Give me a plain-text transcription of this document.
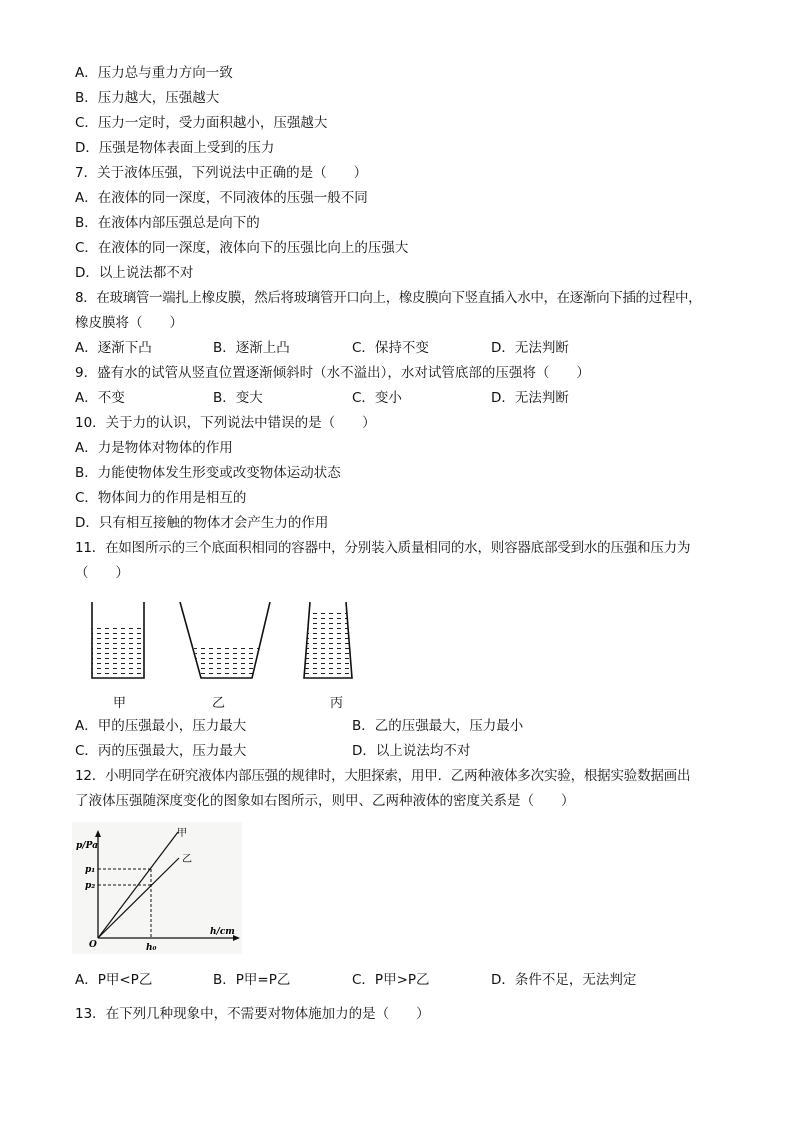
A．压力总与重力方向一致
B．压力越大，压强越大
C．压力一定时，受力面积越小，压强越大
D．压强是物体表面上受到的压力
7．关于液体压强，下列说法中正确的是（　　）
A．在液体的同一深度，不同液体的压强一般不同
B．在液体内部压强总是向下的
C．在液体的同一深度，液体向下的压强比向上的压强大
D．以上说法都不对
8．在玻璃管一端扎上橡皮膜，然后将玻璃管开口向上，橡皮膜向下竖直插入水中，在逐渐向下插的过程中，
橡皮膜将（　　）
A．逐渐下凸	B．逐渐上凸	C．保持不变	D．无法判断
9．盛有水的试管从竖直位置逐渐倾斜时（水不溢出），水对试管底部的压强将（　　）
A．不变	B．变大	C．变小	D．无法判断
10．关于力的认识，下列说法中错误的是（　　）
A．力是物体对物体的作用
B．力能使物体发生形变或改变物体运动状态
C．物体间力的作用是相互的
D．只有相互接触的物体才会产生力的作用
11．在如图所示的三个底面积相同的容器中，分别装入质量相同的水，则容器底部受到水的压强和压力为
（　　）
甲	乙	丙
A．甲的压强最小，压力最大	B．乙的压强最大，压力最小
C．丙的压强最大，压力最大	D．以上说法均不对
12．小明同学在研究液体内部压强的规律时，大胆探索，用甲．乙两种液体多次实验，根据实验数据画出
了液体压强随深度变化的图象如右图所示，则甲、乙两种液体的密度关系是（　　）
p/Pa
h/cm
O
p₁
p₂
h₀
甲
乙
A．P甲<P乙	B．P甲=P乙	C．P甲>P乙	D．条件不足，无法判定
13．在下列几种现象中，不需要对物体施加力的是（　　）
